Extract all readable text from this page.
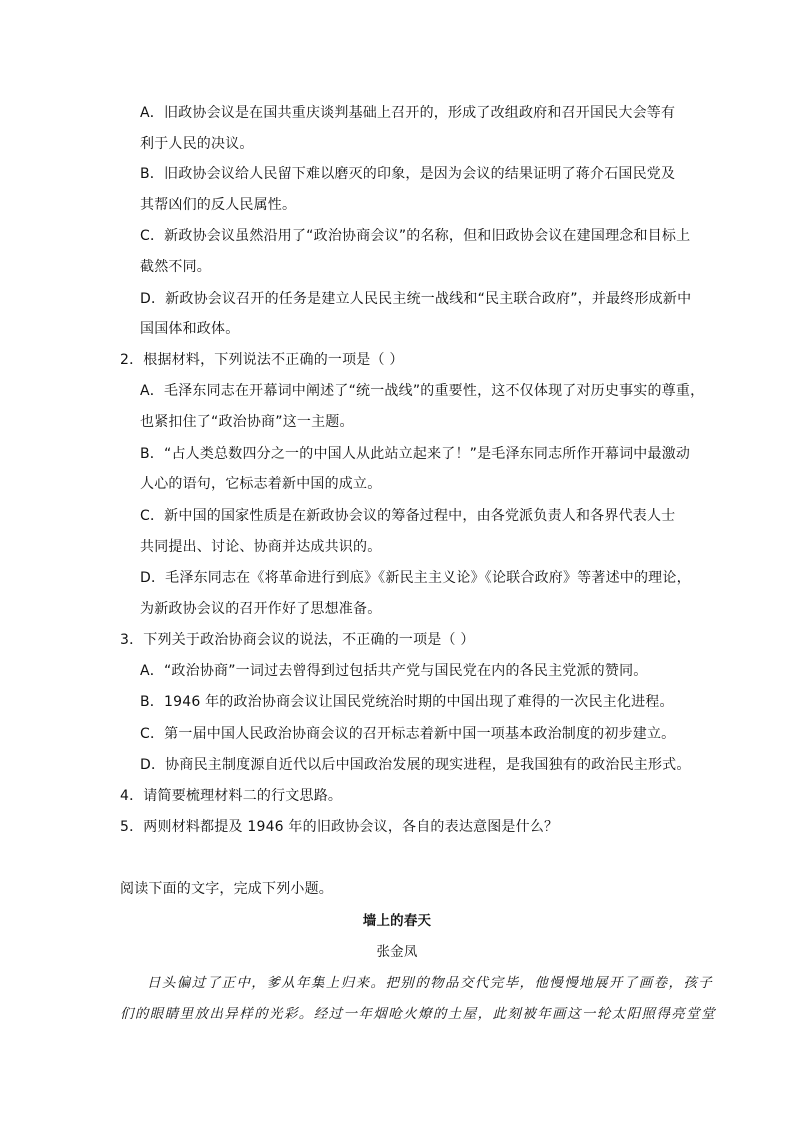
A．旧政协会议是在国共重庆谈判基础上召开的，形成了改组政府和召开国民大会等有
利于人民的决议。
B．旧政协会议给人民留下难以磨灭的印象，是因为会议的结果证明了蒋介石国民党及
其帮凶们的反人民属性。
C．新政协会议虽然沿用了“政治协商会议”的名称，但和旧政协会议在建国理念和目标上
截然不同。
D．新政协会议召开的任务是建立人民民主统一战线和“民主联合政府”，并最终形成新中
国国体和政体。
2．根据材料，下列说法不正确的一项是（ ）
A．毛泽东同志在开幕词中阐述了“统一战线”的重要性，这不仅体现了对历史事实的尊重，
也紧扣住了“政治协商”这一主题。
B．“占人类总数四分之一的中国人从此站立起来了！”是毛泽东同志所作开幕词中最激动
人心的语句，它标志着新中国的成立。
C．新中国的国家性质是在新政协会议的筹备过程中，由各党派负责人和各界代表人士
共同提出、讨论、协商并达成共识的。
D．毛泽东同志在《将革命进行到底》《新民主主义论》《论联合政府》等著述中的理论，
为新政协会议的召开作好了思想准备。
3．下列关于政治协商会议的说法，不正确的一项是（ ）
A．“政治协商”一词过去曾得到过包括共产党与国民党在内的各民主党派的赞同。
B．1946 年的政治协商会议让国民党统治时期的中国出现了难得的一次民主化进程。
C．第一届中国人民政治协商会议的召开标志着新中国一项基本政治制度的初步建立。
D．协商民主制度源自近代以后中国政治发展的现实进程，是我国独有的政治民主形式。
4．请简要梳理材料二的行文思路。
5．两则材料都提及 1946 年的旧政协会议，各自的表达意图是什么？
阅读下面的文字，完成下列小题。
墙上的春天
张金凤
日头偏过了正中，爹从年集上归来。把别的物品交代完毕，他慢慢地展开了画卷，孩子
们的眼睛里放出异样的光彩。经过一年烟呛火燎的土屋，此刻被年画这一轮太阳照得亮堂堂
